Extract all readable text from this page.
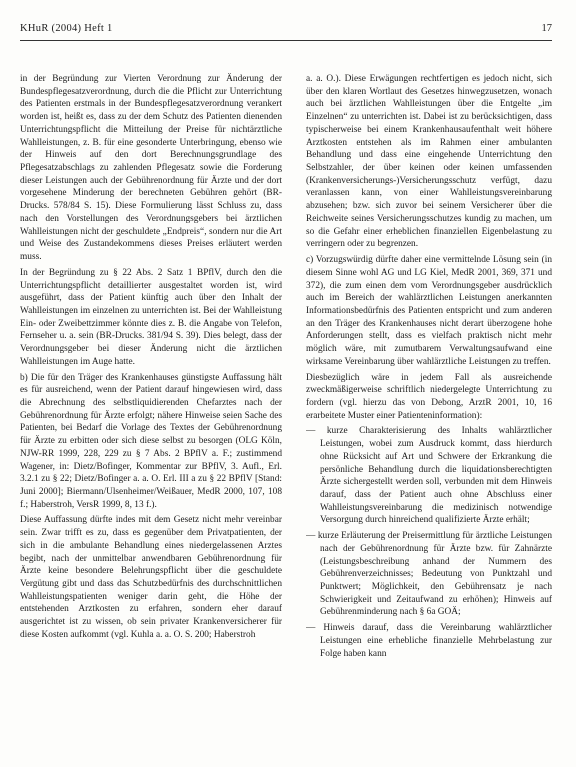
KHuR (2004) Heft 1	17

in der Begründung zur Vierten Verordnung zur Änderung der Bundespflegesatzverordnung, durch die die Pflicht zur Unterrichtung des Patienten erstmals in der Bundespflegesatzverordnung verankert worden ist, heißt es, dass zu der dem Schutz des Patienten dienenden Unterrichtungspflicht die Mitteilung der Preise für nichtärztliche Wahlleistungen, z. B. für eine gesonderte Unterbringung, ebenso wie der Hinweis auf den dort Berechnungsgrundlage des Pflegesatzabschlags zu zahlenden Pflegesatz sowie die Forderung dieser Leistungen auch der Gebührenordnung für Ärzte und der dort vorgesehene Minderung der berechneten Gebühren gehört (BR-Drucks. 578/84 S. 15). Diese Formulierung lässt Schluss zu, dass nach den Vorstellungen des Verordnungsgebers bei ärztlichen Wahlleistungen nicht der geschuldete „Endpreis“, sondern nur die Art und Weise des Zustandekommens dieses Preises erläutert werden muss.

In der Begründung zu § 22 Abs. 2 Satz 1 BPflV, durch den die Unterrichtungspflicht detaillierter ausgestaltet worden ist, wird ausgeführt, dass der Patient künftig auch über den Inhalt der Wahlleistungen im einzelnen zu unterrichten ist. Bei der Wahlleistung Ein- oder Zweibettzimmer könnte dies z. B. die Angabe von Telefon, Fernseher u. a. sein (BR-Drucks. 381/94 S. 39). Dies belegt, dass der Verordnungsgeber bei dieser Änderung nicht die ärztlichen Wahlleistungen im Auge hatte.

b) Die für den Träger des Krankenhauses günstigste Auffassung hält es für ausreichend, wenn der Patient darauf hingewiesen wird, dass die Abrechnung des selbstliquidierenden Chefarztes nach der Gebührenordnung für Ärzte erfolgt; nähere Hinweise seien Sache des Patienten, bei Bedarf die Vorlage des Textes der Gebührenordnung für Ärzte zu erbitten oder sich diese selbst zu besorgen (OLG Köln, NJW-RR 1999, 228, 229 zu § 7 Abs. 2 BPflV a. F.; zustimmend Wagener, in: Dietz/Bofinger, Kommentar zur BPflV, 3. Aufl., Erl. 3.2.1 zu § 22; Dietz/Bofinger a. a. O. Erl. III a zu § 22 BPflV [Stand: Juni 2000]; Biermann/Ulsenheimer/Weißauer, MedR 2000, 107, 108 f.; Haberstroh, VersR 1999, 8, 13 f.).

Diese Auffassung dürfte indes mit dem Gesetz nicht mehr vereinbar sein. Zwar trifft es zu, dass es gegenüber dem Privatpatienten, der sich in die ambulante Behandlung eines niedergelassenen Arztes begibt, nach der unmittelbar anwendbaren Gebührenordnung für Ärzte keine besondere Belehrungspflicht über die geschuldete Vergütung gibt und dass das Schutzbedürfnis des durchschnittlichen Wahlleistungspatienten weniger darin geht, die Höhe der entstehenden Arztkosten zu erfahren, sondern eher darauf ausgerichtet ist zu wissen, ob sein privater Krankenversicherer für diese Kosten aufkommt (vgl. Kuhla a. a. O. S. 200; Haberstroh

a. a. O.). Diese Erwägungen rechtfertigen es jedoch nicht, sich über den klaren Wortlaut des Gesetzes hinwegzusetzen, wonach auch bei ärztlichen Wahlleistungen über die Entgelte „im Einzelnen“ zu unterrichten ist. Dabei ist zu berücksichtigen, dass typischerweise bei einem Krankenhausaufenthalt weit höhere Arztkosten entstehen als im Rahmen einer ambulanten Behandlung und dass eine eingehende Unterrichtung den Selbstzahler, der über keinen oder keinen umfassenden (Krankenversicherungs-)Versicherungsschutz verfügt, dazu veranlassen kann, von einer Wahlleistungsvereinbarung abzusehen; bzw. sich zuvor bei seinem Versicherer über die Reichweite seines Versicherungsschutzes kundig zu machen, um so die Gefahr einer erheblichen finanziellen Eigenbelastung zu verringern oder zu begrenzen.

c) Vorzugswürdig dürfte daher eine vermittelnde Lösung sein (in diesem Sinne wohl AG und LG Kiel, MedR 2001, 369, 371 und 372), die zum einen dem vom Verordnungsgeber ausdrücklich auch im Bereich der wahlärztlichen Leistungen anerkannten Informationsbedürfnis des Patienten entspricht und zum anderen an den Träger des Krankenhauses nicht derart überzogene hohe Anforderungen stellt, dass es vielfach praktisch nicht mehr möglich wäre, mit zumutbarem Verwaltungsaufwand eine wirksame Vereinbarung über wahlärztliche Leistungen zu treffen.

Diesbezüglich wäre in jedem Fall als ausreichende zweckmäßigerweise schriftlich niedergelegte Unterrichtung zu fordern (vgl. hierzu das von Debong, ArztR 2001, 10, 16 erarbeitete Muster einer Patienteninformation):

— kurze Charakterisierung des Inhalts wahlärztlicher Leistungen, wobei zum Ausdruck kommt, dass hierdurch ohne Rücksicht auf Art und Schwere der Erkrankung die persönliche Behandlung durch die liquidationsberechtigten Ärzte sichergestellt werden soll, verbunden mit dem Hinweis darauf, dass der Patient auch ohne Abschluss einer Wahlleistungsvereinbarung die medizinisch notwendige Versorgung durch hinreichend qualifizierte Ärzte erhält;
— kurze Erläuterung der Preisermittlung für ärztliche Leistungen nach der Gebührenordnung für Ärzte bzw. für Zahnärzte (Leistungsbeschreibung anhand der Nummern des Gebührenverzeichnisses; Bedeutung von Punktzahl und Punktwert; Möglichkeit, den Gebührensatz je nach Schwierigkeit und Zeitaufwand zu erhöhen); Hinweis auf Gebührenminderung nach § 6a GOÄ;
— Hinweis darauf, dass die Vereinbarung wahlärztlicher Leistungen eine erhebliche finanzielle Mehrbelastung zur Folge haben kann
